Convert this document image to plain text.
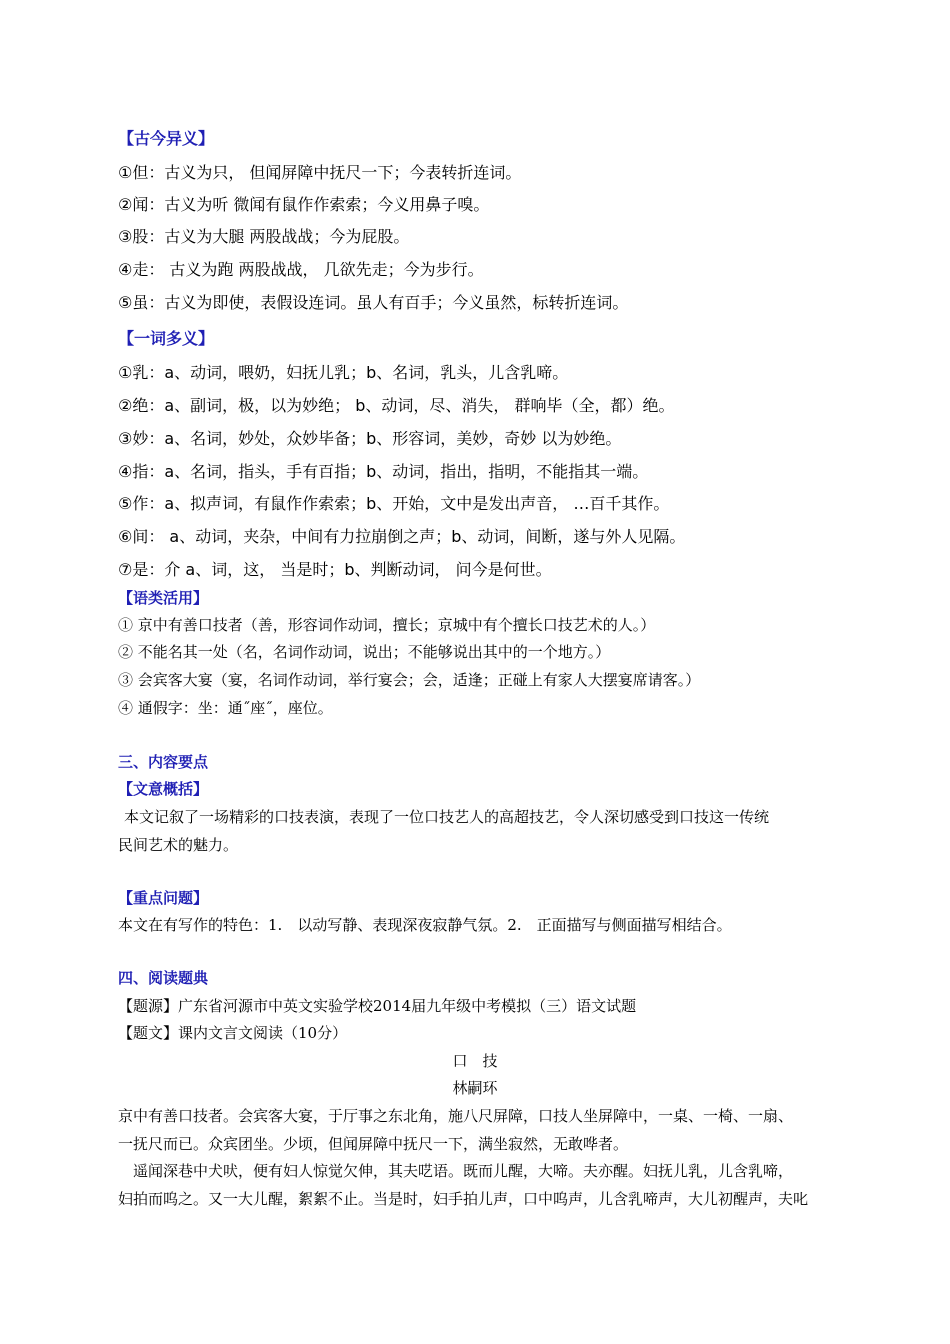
【古今异义】
①但：古义为只， 但闻屏障中抚尺一下；今表转折连词。
②闻：古义为听 微闻有鼠作作索索；今义用鼻子嗅。
③股：古义为大腿 两股战战；今为屁股。
④走： 古义为跑 两股战战， 几欲先走；今为步行。
⑤虽：古义为即使，表假设连词。虽人有百手；今义虽然，标转折连词。
【一词多义】
①乳：a、动词，喂奶，妇抚儿乳；b、名词，乳头，儿含乳啼。
②绝：a、副词，极，以为妙绝； b、动词，尽、消失， 群响毕（全，都）绝。
③妙：a、名词，妙处，众妙毕备；b、形容词，美妙，奇妙 以为妙绝。
④指：a、名词，指头，手有百指；b、动词，指出，指明，不能指其一端。
⑤作：a、拟声词，有鼠作作索索；b、开始，文中是发出声音， …百千其作。
⑥间： a、动词，夹杂，中间有力拉崩倒之声；b、动词，间断，遂与外人见隔。
⑦是：介 a、词，这， 当是时；b、判断动词， 问今是何世。
【语类活用】
① 京中有善口技者（善，形容词作动词，擅长；京城中有个擅长口技艺术的人。）
② 不能名其一处（名，名词作动词，说出；不能够说出其中的一个地方。）
③ 会宾客大宴（宴，名词作动词，举行宴会；会，适逢；正碰上有家人大摆宴席请客。）
④ 通假字：坐：通˝座˝，座位。
三、内容要点
【文意概括】
本文记叙了一场精彩的口技表演，表现了一位口技艺人的高超技艺，令人深切感受到口技这一传统
民间艺术的魅力。
【重点问题】
本文在有写作的特色：1.　以动写静、表现深夜寂静气氛。2.　正面描写与侧面描写相结合。
四、阅读题典
【题源】广东省河源市中英文实验学校2014届九年级中考模拟（三）语文试题
【题文】课内文言文阅读（10分）
口　技
林嗣环
京中有善口技者。会宾客大宴，于厅事之东北角，施八尺屏障，口技人坐屏障中，一桌、一椅、一扇、
一抚尺而已。众宾团坐。少顷，但闻屏障中抚尺一下，满坐寂然，无敢哗者。
遥闻深巷中犬吠，便有妇人惊觉欠伸，其夫呓语。既而儿醒，大啼。夫亦醒。妇抚儿乳，儿含乳啼，
妇拍而呜之。又一大儿醒，絮絮不止。当是时，妇手拍儿声，口中呜声，儿含乳啼声，大儿初醒声，夫叱
